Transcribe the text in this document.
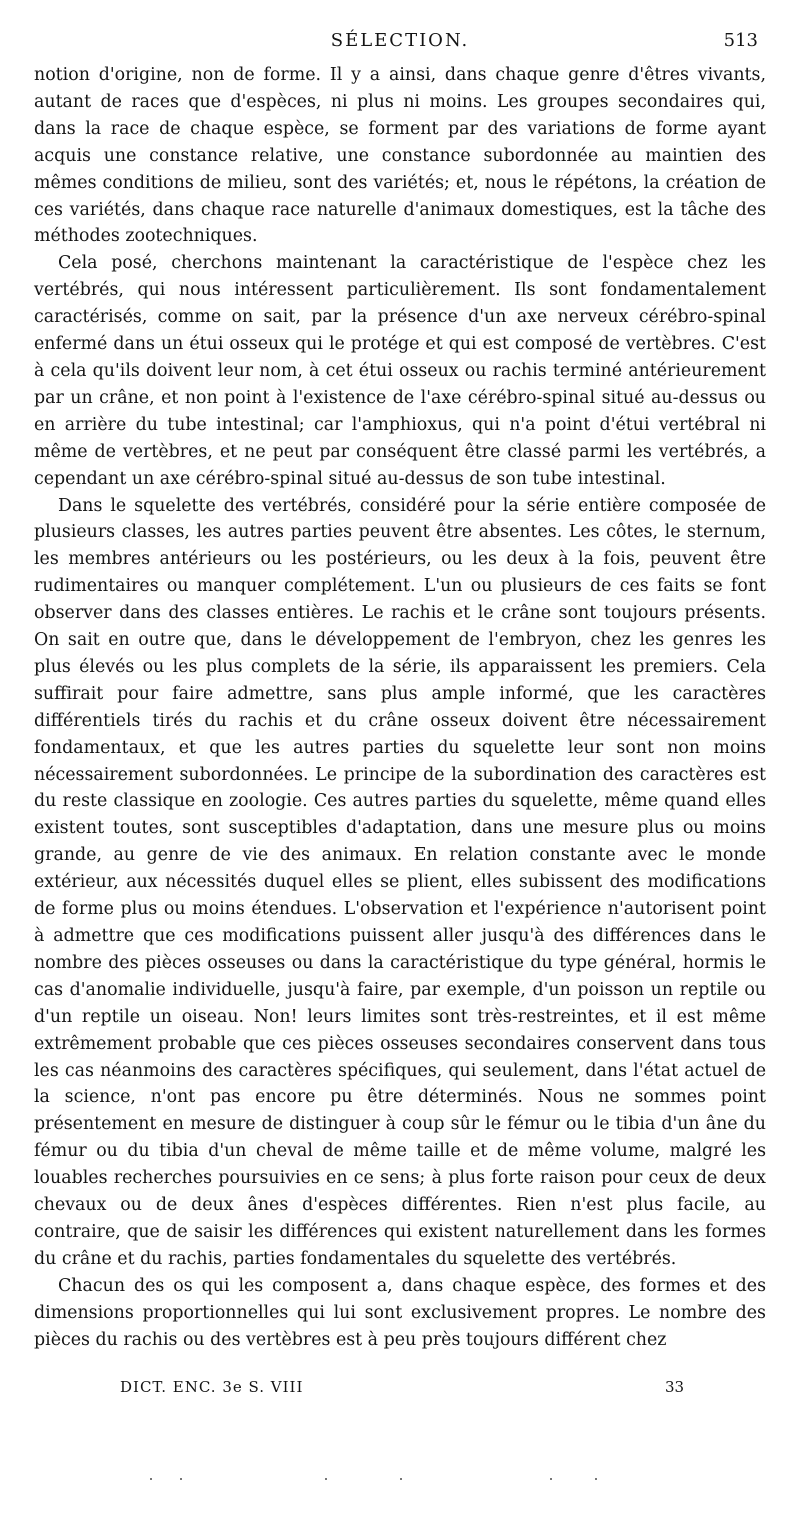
SÉLECTION.	513

notion d'origine, non de forme. Il y a ainsi, dans chaque genre d'êtres vivants, autant de races que d'espèces, ni plus ni moins. Les groupes secondaires qui, dans la race de chaque espèce, se forment par des variations de forme ayant acquis une constance relative, une constance subordonnée au maintien des mêmes conditions de milieu, sont des variétés; et, nous le répétons, la création de ces variétés, dans chaque race naturelle d'animaux domestiques, est la tâche des méthodes zootechniques.

Cela posé, cherchons maintenant la caractéristique de l'espèce chez les vertébrés, qui nous intéressent particulièrement. Ils sont fondamentalement caractérisés, comme on sait, par la présence d'un axe nerveux cérébro-spinal enfermé dans un étui osseux qui le protége et qui est composé de vertèbres. C'est à cela qu'ils doivent leur nom, à cet étui osseux ou rachis terminé antérieurement par un crâne, et non point à l'existence de l'axe cérébro-spinal situé au-dessus ou en arrière du tube intestinal; car l'amphioxus, qui n'a point d'étui vertébral ni même de vertèbres, et ne peut par conséquent être classé parmi les vertébrés, a cependant un axe cérébro-spinal situé au-dessus de son tube intestinal.

Dans le squelette des vertébrés, considéré pour la série entière composée de plusieurs classes, les autres parties peuvent être absentes. Les côtes, le sternum, les membres antérieurs ou les postérieurs, ou les deux à la fois, peuvent être rudimentaires ou manquer complétement. L'un ou plusieurs de ces faits se font observer dans des classes entières. Le rachis et le crâne sont toujours présents. On sait en outre que, dans le développement de l'embryon, chez les genres les plus élevés ou les plus complets de la série, ils apparaissent les premiers. Cela suffirait pour faire admettre, sans plus ample informé, que les caractères différentiels tirés du rachis et du crâne osseux doivent être nécessairement fondamentaux, et que les autres parties du squelette leur sont non moins nécessairement subordonnées. Le principe de la subordination des caractères est du reste classique en zoologie. Ces autres parties du squelette, même quand elles existent toutes, sont susceptibles d'adaptation, dans une mesure plus ou moins grande, au genre de vie des animaux. En relation constante avec le monde extérieur, aux nécessités duquel elles se plient, elles subissent des modifications de forme plus ou moins étendues. L'observation et l'expérience n'autorisent point à admettre que ces modifications puissent aller jusqu'à des différences dans le nombre des pièces osseuses ou dans la caractéristique du type général, hormis le cas d'anomalie individuelle, jusqu'à faire, par exemple, d'un poisson un reptile ou d'un reptile un oiseau. Non! leurs limites sont très-restreintes, et il est même extrêmement probable que ces pièces osseuses secondaires conservent dans tous les cas néanmoins des caractères spécifiques, qui seulement, dans l'état actuel de la science, n'ont pas encore pu être déterminés. Nous ne sommes point présentement en mesure de distinguer à coup sûr le fémur ou le tibia d'un âne du fémur ou du tibia d'un cheval de même taille et de même volume, malgré les louables recherches poursuivies en ce sens; à plus forte raison pour ceux de deux chevaux ou de deux ânes d'espèces différentes. Rien n'est plus facile, au contraire, que de saisir les différences qui existent naturellement dans les formes du crâne et du rachis, parties fondamentales du squelette des vertébrés.

Chacun des os qui les composent a, dans chaque espèce, des formes et des dimensions proportionnelles qui lui sont exclusivement propres. Le nombre des pièces du rachis ou des vertèbres est à peu près toujours différent chez

DICT. ENC. 3e S. VIII	33
